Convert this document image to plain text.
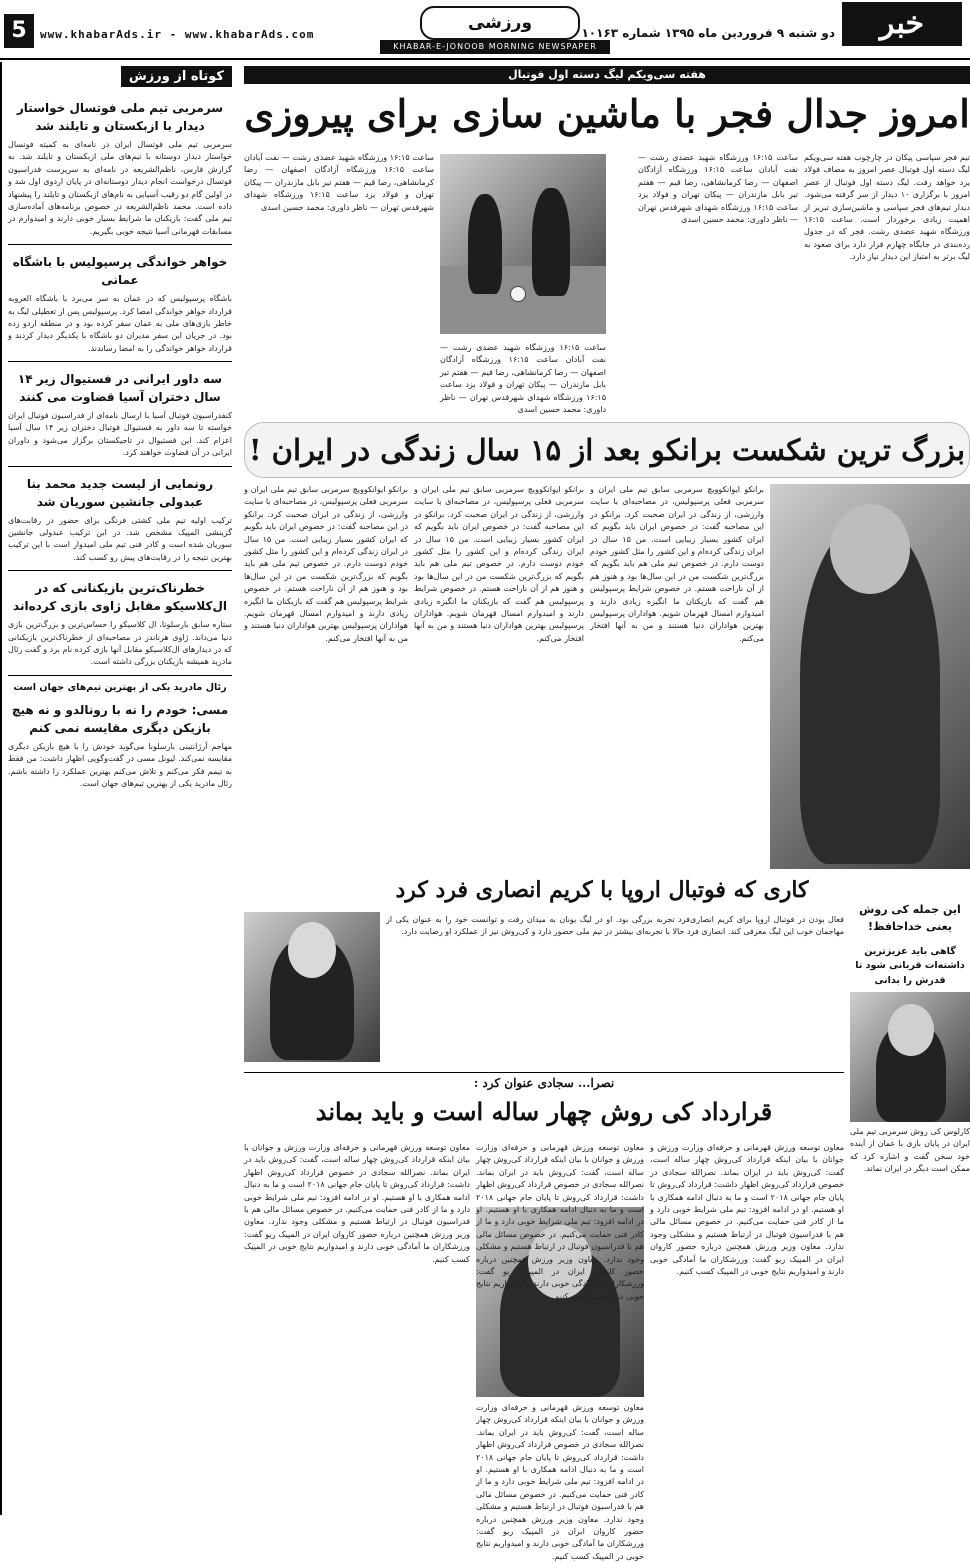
خبر
دو شنبه ۹ فروردین ماه ۱۳۹۵ شماره ۱۰۱۶۳
ورزشی
KHABAR-E-JONOOB MORNING NEWSPAPER
www.khabarAds.ir - www.khabarAds.com
5
کوتاه از ورزش
سرمربی تیم ملی فوتسال خواستار دیدار با ازبکستان و تایلند شد

سرمربی تیم ملی فوتسال ایران در نامه‌ای به کمیته فوتسال خواستار دیدار دوستانه با تیم‌های ملی ازبکستان و تایلند شد. به گزارش فارس، ناظم‌الشریعه در نامه‌ای به سرپرست فدراسیون فوتسال درخواست انجام دیدار دوستانه‌ای در پایان اردوی اول شد و در اولین گام دو رقیب آسیایی به نام‌های ازبکستان و تایلند را پیشنهاد داده است. محمد ناظم‌الشریعه در خصوص برنامه‌های آماده‌سازی تیم ملی گفت: بازیکنان ما شرایط بسیار خوبی دارند و امیدوارم در مسابقات قهرمانی آسیا نتیجه خوبی بگیریم.

خواهر خواندگی پرسپولیس با باشگاه عمانی

باشگاه پرسپولیس که در عمان به سر می‌برد با باشگاه العروبه قرارداد خواهر خواندگی امضا کرد. پرسپولیس پس از تعطیلی لیگ به خاطر بازی‌های ملی به عمان سفر کرده بود و در منطقه اردو زده بود. در جریان این سفر مدیران دو باشگاه با یکدیگر دیدار کردند و قرارداد خواهر خواندگی را به امضا رساندند.

سه داور ایرانی در فستیوال زیر ۱۴ سال دختران آسیا قضاوت می کنند

کنفدراسیون فوتبال آسیا با ارسال نامه‌ای از فدراسیون فوتبال ایران خواسته تا سه داور به فستیوال فوتبال دختران زیر ۱۴ سال آسیا اعزام کند. این فستیوال در تاجیکستان برگزار می‌شود و داوران ایرانی در آن قضاوت خواهند کرد.

رونمایی از لیست جدید محمد بنا عبدولی جانشین سوریان شد

ترکیب اولیه تیم ملی کشتی فرنگی برای حضور در رقابت‌های گزینشی المپیک مشخص شد. در این ترکیب عبدولی جانشین سوریان شده است و کادر فنی تیم ملی امیدوار است با این ترکیب بهترین نتیجه را در رقابت‌های پیش رو کسب کند.

خطرناک‌ترین بازیکنانی که در ال‌کلاسیکو مقابل ژاوی بازی کرده‌اند

ستاره سابق بارسلونا، ال کلاسیکو را حساس‌ترین و بزرگ‌ترین بازی دنیا می‌داند. ژاوی هرناندز در مصاحبه‌ای از خطرناک‌ترین بازیکنانی که در دیدارهای ال‌کلاسیکو مقابل آنها بازی کرده نام برد و گفت رئال مادرید همیشه بازیکنان بزرگی داشته است.

رئال مادرید یکی از بهترین تیم‌های جهان است
مسی: خودم را نه با رونالدو و نه هیچ بازیکن دیگری مقایسه نمی کنم

مهاجم آرژانتینی بارسلونا می‌گوید خودش را با هیچ بازیکن دیگری مقایسه نمی‌کند. لیونل مسی در گفت‌وگویی اظهار داشت: من فقط به تیمم فکر می‌کنم و تلاش می‌کنم بهترین عملکرد را داشته باشم. رئال مادرید یکی از بهترین تیم‌های جهان است.

هفته سی‌ویکم لیگ دسته اول فوتبال
امروز جدال فجر با ماشین سازی برای پیروزی
تیم فجر سپاسی پیکان در چارچوب هفته سی‌ویکم لیگ دسته اول فوتبال عصر امروز به مصاف فولاد یزد خواهد رفت. لیگ دسته اول فوتبال از عصر امروز با برگزاری ۱۰ دیدار از سر گرفته می‌شود. دیدار تیم‌های فجر سپاسی و ماشین‌سازی تبریز از اهمیت زیادی برخوردار است. ساعت ۱۶:۱۵ ورزشگاه شهید عضدی رشت. فجر که در جدول رده‌بندی در جایگاه چهارم قرار دارد برای صعود به لیگ برتر به امتیاز این دیدار نیاز دارد.
ساعت ۱۶:۱۵ ورزشگاه شهید عضدی رشت — نفت آبادان ساعت ۱۶:۱۵ ورزشگاه آزادگان اصفهان — رضا کرمانشاهی، رضا قیم — هفتم تیر بابل مازندران — پیکان تهران و فولاد یزد ساعت ۱۶:۱۵ ورزشگاه شهدای شهرقدس تهران — ناظر داوری: محمد حسین اسدی
ساعت ۱۶:۱۵ ورزشگاه شهید عضدی رشت — نفت آبادان ساعت ۱۶:۱۵ ورزشگاه آزادگان اصفهان — رضا کرمانشاهی، رضا قیم — هفتم تیر بابل مازندران — پیکان تهران و فولاد یزد ساعت ۱۶:۱۵ ورزشگاه شهدای شهرقدس تهران — ناظر داوری: محمد حسین اسدی
ساعت ۱۶:۱۵ ورزشگاه شهید عضدی رشت — نفت آبادان ساعت ۱۶:۱۵ ورزشگاه آزادگان اصفهان — رضا کرمانشاهی، رضا قیم — هفتم تیر بابل مازندران — پیکان تهران و فولاد یزد ساعت ۱۶:۱۵ ورزشگاه شهدای شهرقدس تهران — ناظر داوری: محمد حسین اسدی
بزرگ ترین شکست برانکو بعد از ۱۵ سال زندگی در ایران !
برانکو ایوانکوویچ سرمربی سابق تیم ملی ایران و سرمربی فعلی پرسپولیس، در مصاحبه‌ای با سایت وارزشی، از زندگی در ایران صحبت کرد. برانکو در این مصاحبه گفت: در خصوص ایران باید بگویم که ایران کشور بسیار زیبایی است. من ۱۵ سال در ایران زندگی کرده‌ام و این کشور را مثل کشور خودم دوست دارم. در خصوص تیم ملی هم باید بگویم که بزرگ‌ترین شکست من در این سال‌ها بود و هنوز هم از آن ناراحت هستم. در خصوص شرایط پرسپولیس هم گفت که بازیکنان ما انگیزه زیادی دارند و امیدوارم امسال قهرمان شویم. هواداران پرسپولیس بهترین هواداران دنیا هستند و من به آنها افتخار می‌کنم.
برانکو ایوانکوویچ سرمربی سابق تیم ملی ایران و سرمربی فعلی پرسپولیس، در مصاحبه‌ای با سایت وارزشی، از زندگی در ایران صحبت کرد. برانکو در این مصاحبه گفت: در خصوص ایران باید بگویم که ایران کشور بسیار زیبایی است. من ۱۵ سال در ایران زندگی کرده‌ام و این کشور را مثل کشور خودم دوست دارم. در خصوص تیم ملی هم باید بگویم که بزرگ‌ترین شکست من در این سال‌ها بود و هنوز هم از آن ناراحت هستم. در خصوص شرایط پرسپولیس هم گفت که بازیکنان ما انگیزه زیادی دارند و امیدوارم امسال قهرمان شویم. هواداران پرسپولیس بهترین هواداران دنیا هستند و من به آنها افتخار می‌کنم.
برانکو ایوانکوویچ سرمربی سابق تیم ملی ایران و سرمربی فعلی پرسپولیس، در مصاحبه‌ای با سایت وارزشی، از زندگی در ایران صحبت کرد. برانکو در این مصاحبه گفت: در خصوص ایران باید بگویم که ایران کشور بسیار زیبایی است. من ۱۵ سال در ایران زندگی کرده‌ام و این کشور را مثل کشور خودم دوست دارم. در خصوص تیم ملی هم باید بگویم که بزرگ‌ترین شکست من در این سال‌ها بود و هنوز هم از آن ناراحت هستم. در خصوص شرایط پرسپولیس هم گفت که بازیکنان ما انگیزه زیادی دارند و امیدوارم امسال قهرمان شویم. هواداران پرسپولیس بهترین هواداران دنیا هستند و من به آنها افتخار می‌کنم.
کاری که فوتبال اروپا با کریم انصاری فرد کرد
فعال بودن در فوتبال اروپا برای کریم انصاری‌فرد تجربه بزرگی بود. او در لیگ یونان به میدان رفت و توانست خود را به عنوان یکی از مهاجمان خوب این لیگ معرفی کند. انصاری فرد حالا با تجربه‌ای بیشتر در تیم ملی حضور دارد و کی‌روش نیز از عملکرد او رضایت دارد.
این جمله کی روش یعنی خداحافظ!
گاهی باید عزیزترین داشته‌ات قربانی شود تا قدرش را بدانی
کارلوس کی روش سرمربی تیم ملی ایران در پایان بازی با عمان از آینده خود سخن گفت و اشاره کرد که ممکن است دیگر در ایران نماند.
نصرا... سجادی عنوان کرد :
قرارداد کی روش چهار ساله است و باید بماند
معاون توسعه ورزش قهرمانی و حرفه‌ای وزارت ورزش و جوانان با بیان اینکه قرارداد کی‌روش چهار ساله است، گفت: کی‌روش باید در ایران بماند. نصرالله سجادی در خصوص قرارداد کی‌روش اظهار داشت: قرارداد کی‌روش تا پایان جام جهانی ۲۰۱۸ است و ما به دنبال ادامه همکاری با او هستیم. او در ادامه افزود: تیم ملی شرایط خوبی دارد و ما از کادر فنی حمایت می‌کنیم. در خصوص مسائل مالی هم با فدراسیون فوتبال در ارتباط هستیم و مشکلی وجود ندارد. معاون وزیر ورزش همچنین درباره حضور کاروان ایران در المپیک ریو گفت: ورزشکاران ما آمادگی خوبی دارند و امیدواریم نتایج خوبی در المپیک کسب کنیم.
معاون توسعه ورزش قهرمانی و حرفه‌ای وزارت ورزش و جوانان با بیان اینکه قرارداد کی‌روش چهار ساله است، گفت: کی‌روش باید در ایران بماند. نصرالله سجادی در خصوص قرارداد کی‌روش اظهار داشت: قرارداد کی‌روش تا پایان جام جهانی ۲۰۱۸ است و ما به دنبال ادامه همکاری با او هستیم. او در ادامه افزود: تیم ملی شرایط خوبی دارد و ما از کادر فنی حمایت می‌کنیم. در خصوص مسائل مالی هم با فدراسیون فوتبال در ارتباط هستیم و مشکلی وجود ندارد. معاون وزیر ورزش همچنین درباره حضور کاروان ایران در المپیک ریو گفت: ورزشکاران ما آمادگی خوبی دارند و امیدواریم نتایج خوبی در المپیک کسب کنیم.
معاون توسعه ورزش قهرمانی و حرفه‌ای وزارت ورزش و جوانان با بیان اینکه قرارداد کی‌روش چهار ساله است، گفت: کی‌روش باید در ایران بماند. نصرالله سجادی در خصوص قرارداد کی‌روش اظهار داشت: قرارداد کی‌روش تا پایان جام جهانی ۲۰۱۸ است و ما به دنبال ادامه همکاری با او هستیم. او در ادامه افزود: تیم ملی شرایط خوبی دارد و ما از کادر فنی حمایت می‌کنیم. در خصوص مسائل مالی هم با فدراسیون فوتبال در ارتباط هستیم و مشکلی وجود ندارد. معاون وزیر ورزش همچنین درباره حضور کاروان ایران در المپیک ریو گفت: ورزشکاران ما آمادگی خوبی دارند و امیدواریم نتایج خوبی در المپیک کسب کنیم.
معاون توسعه ورزش قهرمانی و حرفه‌ای وزارت ورزش و جوانان با بیان اینکه قرارداد کی‌روش چهار ساله است، گفت: کی‌روش باید در ایران بماند. نصرالله سجادی در خصوص قرارداد کی‌روش اظهار داشت: قرارداد کی‌روش تا پایان جام جهانی ۲۰۱۸ است و ما به دنبال ادامه همکاری با او هستیم. او در ادامه افزود: تیم ملی شرایط خوبی دارد و ما از کادر فنی حمایت می‌کنیم. در خصوص مسائل مالی هم با فدراسیون فوتبال در ارتباط هستیم و مشکلی وجود ندارد. معاون وزیر ورزش همچنین درباره حضور کاروان ایران در المپیک ریو گفت: ورزشکاران ما آمادگی خوبی دارند و امیدواریم نتایج خوبی در المپیک کسب کنیم.
